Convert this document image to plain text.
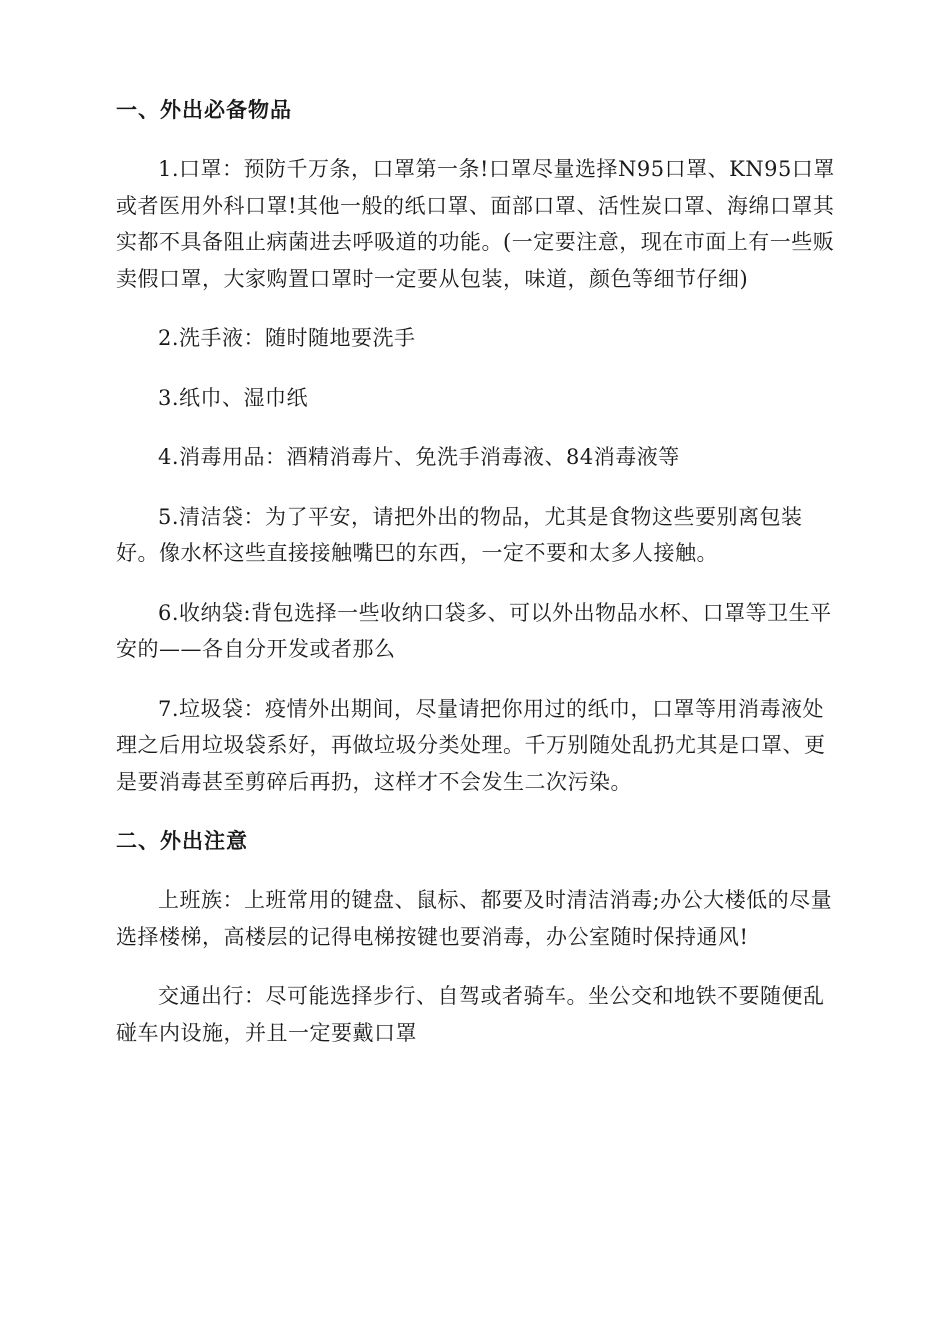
一、外出必备物品

1.口罩：预防千万条，口罩第一条!口罩尽量选择N95口罩、KN95口罩或者医用外科口罩!其他一般的纸口罩、面部口罩、活性炭口罩、海绵口罩其实都不具备阻止病菌进去呼吸道的功能。(一定要注意，现在市面上有一些贩卖假口罩，大家购置口罩时一定要从包装，味道，颜色等细节仔细)

2.洗手液：随时随地要洗手

3.纸巾、湿巾纸

4.消毒用品：酒精消毒片、免洗手消毒液、84消毒液等

5.清洁袋：为了平安，请把外出的物品，尤其是食物这些要别离包装好。像水杯这些直接接触嘴巴的东西，一定不要和太多人接触。

6.收纳袋:背包选择一些收纳口袋多、可以外出物品水杯、口罩等卫生平安的——各自分开发或者那么

7.垃圾袋：疫情外出期间，尽量请把你用过的纸巾，口罩等用消毒液处理之后用垃圾袋系好，再做垃圾分类处理。千万别随处乱扔尤其是口罩、更是要消毒甚至剪碎后再扔，这样才不会发生二次污染。

二、外出注意

上班族：上班常用的键盘、鼠标、都要及时清洁消毒;办公大楼低的尽量选择楼梯，高楼层的记得电梯按键也要消毒，办公室随时保持通风!

交通出行：尽可能选择步行、自驾或者骑车。坐公交和地铁不要随便乱碰车内设施，并且一定要戴口罩
